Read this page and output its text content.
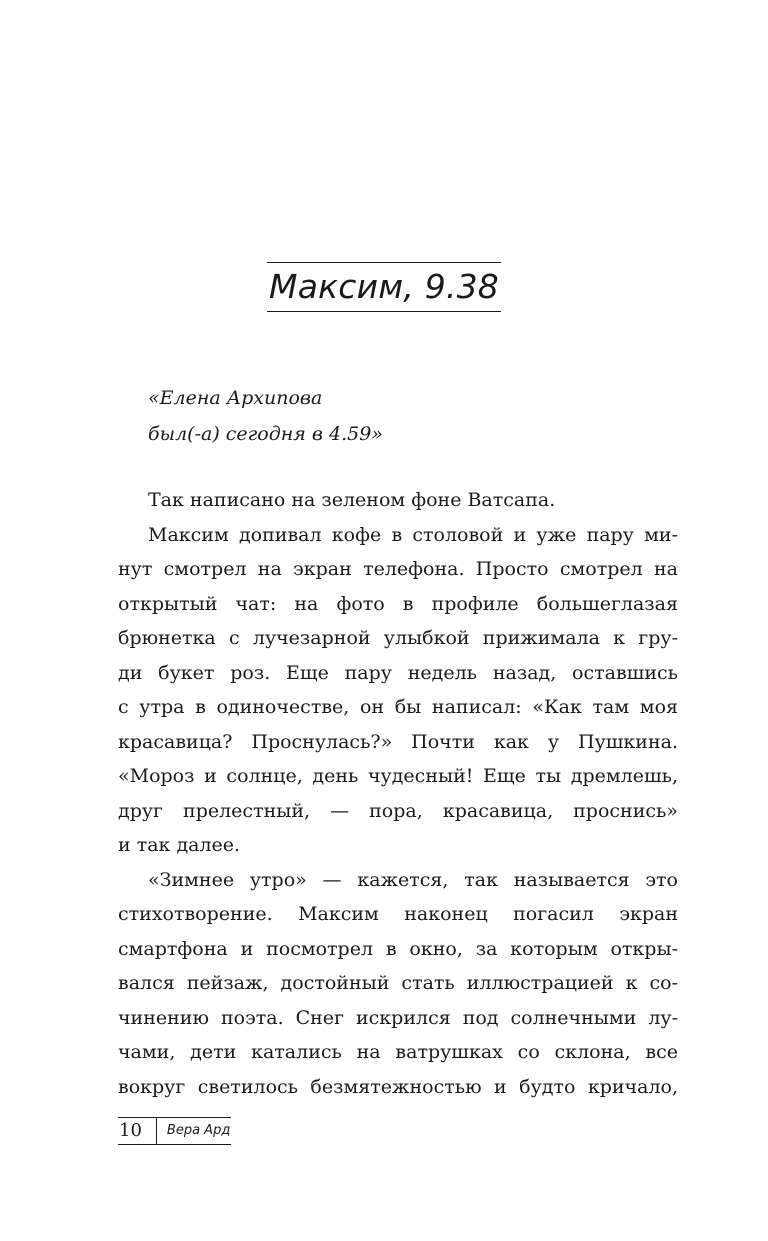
Максим, 9.38
«Елена Архипова
был(-а) сегодня в 4.59»
Так написано на зеленом фоне Ватсапа.
Максим допивал кофе в столовой и уже пару ми-
нут смотрел на экран телефона. Просто смотрел на
открытый чат: на фото в профиле большеглазая
брюнетка с лучезарной улыбкой прижимала к гру-
ди букет роз. Еще пару недель назад, оставшись
с утра в одиночестве, он бы написал: «Как там моя
красавица? Проснулась?» Почти как у Пушкина.
«Мороз и солнце, день чудесный! Еще ты дремлешь,
друг прелестный, — пора, красавица, проснись»
и так далее.
«Зимнее утро» — кажется, так называется это
стихотворение. Максим наконец погасил экран
смартфона и посмотрел в окно, за которым откры-
вался пейзаж, достойный стать иллюстрацией к со-
чинению поэта. Снег искрился под солнечными лу-
чами, дети катались на ватрушках со склона, все
вокруг светилось безмятежностью и будто кричало,
10	Вера Ард
